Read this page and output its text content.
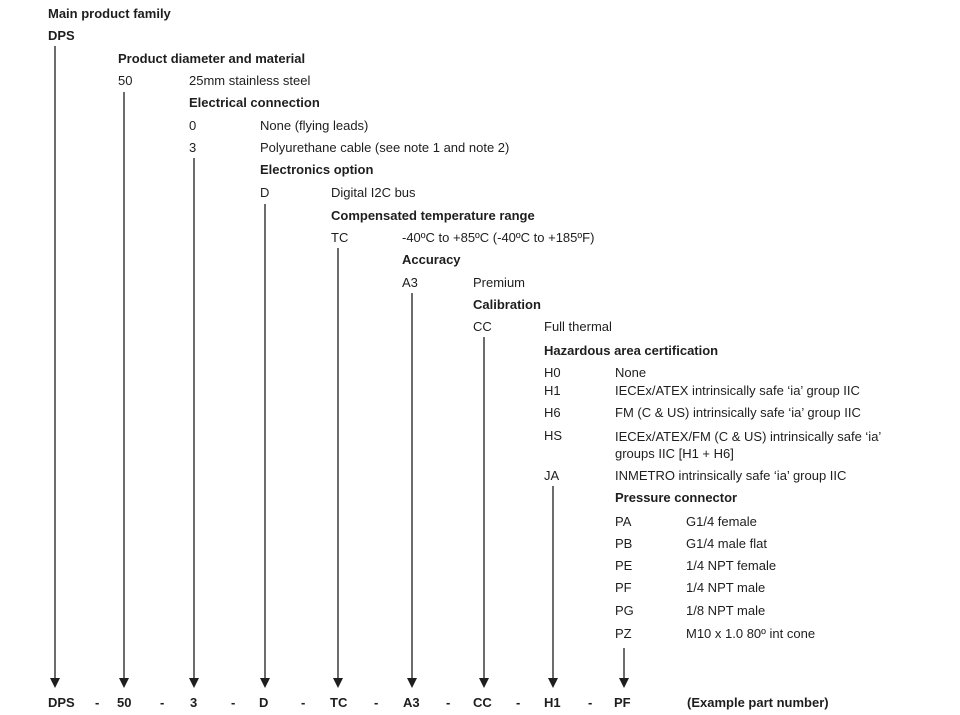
Main product family
DPS
Product diameter and material
50	25mm stainless steel
Electrical connection
0	None (flying leads)
3	Polyurethane cable (see note 1 and note 2)
Electronics option
D	Digital I2C bus
Compensated temperature range
TC	-40ºC to +85ºC (-40ºC to +185ºF)
Accuracy
A3	Premium
Calibration
CC	Full thermal
Hazardous area certification
H0	None
H1	IECEx/ATEX intrinsically safe ‘ia’ group IIC
H6	FM (C & US) intrinsically safe ‘ia’ group IIC
HS	IECEx/ATEX/FM (C & US) intrinsically safe ‘ia’ groups IIC [H1 + H6]
JA	INMETRO intrinsically safe ‘ia’ group IIC
Pressure connector
PA	G1/4 female
PB	G1/4 male flat
PE	1/4 NPT female
PF	1/4 NPT male
PG	1/8 NPT male
PZ	M10 x 1.0 80º int cone
DPS - 50 - 3	- D	- TC - A3 - CC - H1 - PF	(Example part number)
